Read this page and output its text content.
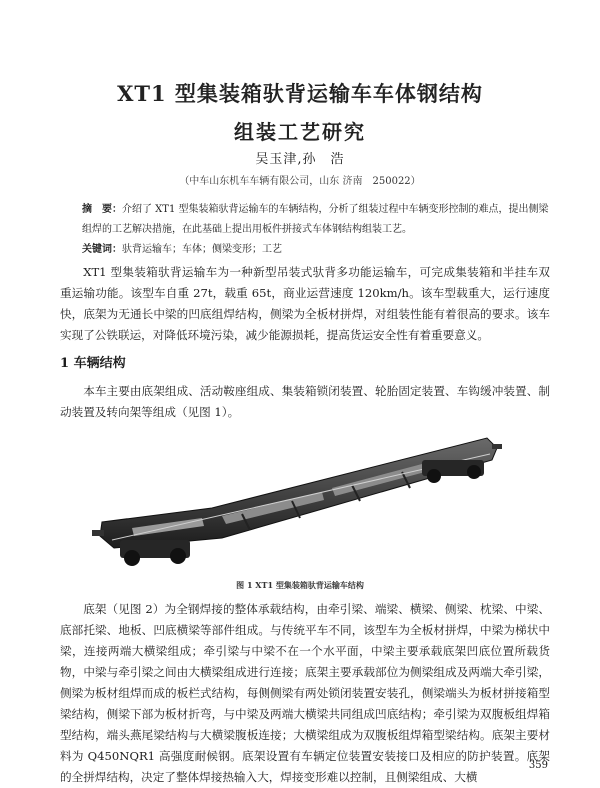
XT1 型集装箱驮背运输车车体钢结构
组装工艺研究
吴玉津,孙　浩
（中车山东机车车辆有限公司，山东 济南　250022）
摘　要：介绍了 XT1 型集装箱驮背运输车的车辆结构，分析了组装过程中车辆变形控制的难点，提出侧梁组焊的工艺解决措施，在此基础上提出用板件拼接式车体钢结构组装工艺。
关键词：驮背运输车；车体；侧梁变形；工艺
XT1 型集装箱驮背运输车为一种新型吊装式驮背多功能运输车，可完成集装箱和半挂车双重运输功能。该型车自重 27t，载重 65t，商业运营速度 120km/h。该车型载重大，运行速度快，底架为无通长中梁的凹底组焊结构，侧梁为全板材拼焊，对组装性能有着很高的要求。该车实现了公铁联运，对降低环境污染，减少能源损耗，提高货运安全性有着重要意义。
1 车辆结构
本车主要由底架组成、活动鞍座组成、集装箱锁闭装置、轮胎固定装置、车钩缓冲装置、制动装置及转向架等组成（见图 1）。
图 1 XT1 型集装箱驮背运输车结构
底架（见图 2）为全钢焊接的整体承载结构，由牵引梁、端梁、横梁、侧梁、枕梁、中梁、底部托梁、地板、凹底横梁等部件组成。与传统平车不同，该型车为全板材拼焊，中梁为梯状中梁，连接两端大横梁组成；牵引梁与中梁不在一个水平面，中梁主要承载底架凹底位置所载货物，中梁与牵引梁之间由大横梁组成进行连接；底架主要承载部位为侧梁组成及两端大牵引梁，侧梁为板材组焊而成的板栏式结构，每侧侧梁有两处锁闭装置安装孔，侧梁端头为板材拼接箱型梁结构，侧梁下部为板材折弯，与中梁及两端大横梁共同组成凹底结构；牵引梁为双腹板组焊箱型结构，端头燕尾梁结构与大横梁腹板连接；大横梁组成为双腹板组焊箱型梁结构。底架主要材料为 Q450NQR1 高强度耐候钢。底架设置有车辆定位装置安装接口及相应的防护装置。底架的全拼焊结构，决定了整体焊接热输入大，焊接变形难以控制，且侧梁组成、大横
359
